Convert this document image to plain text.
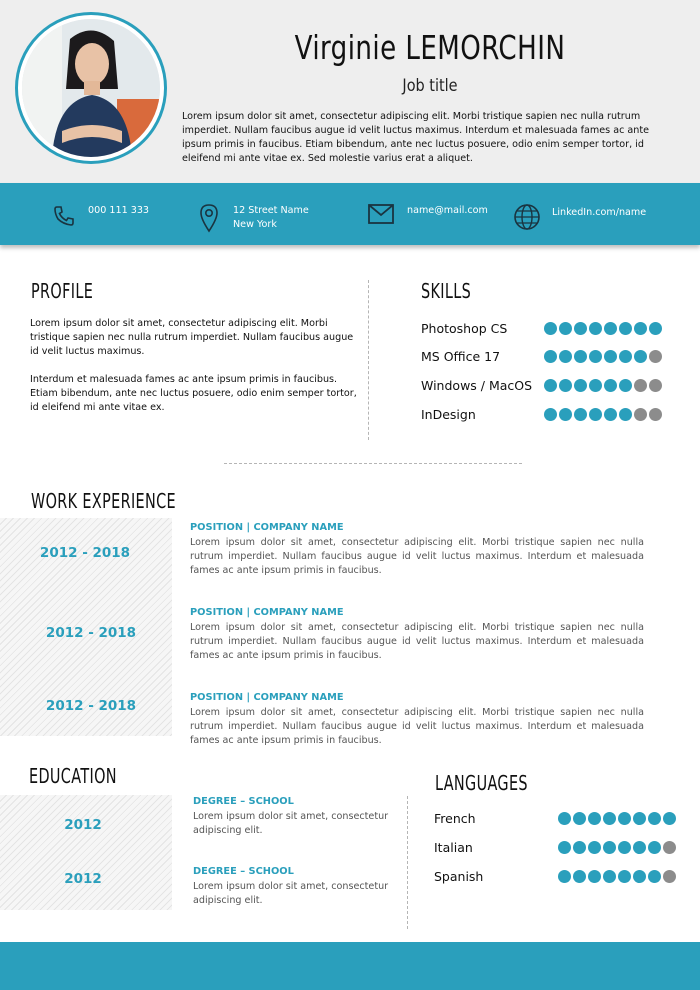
Virginie LEMORCHIN
Job title
Lorem ipsum dolor sit amet, consectetur adipiscing elit. Morbi tristique sapien nec nulla rutrum imperdiet. Nullam faucibus augue id velit luctus maximus. Interdum et malesuada fames ac ante ipsum primis in faucibus. Etiam bibendum, ante nec luctus posuere, odio enim semper tortor, id eleifend mi ante vitae ex. Sed molestie varius erat a aliquet.
000 111 333	12 Street Name
New York
name@mail.com	LinkedIn.com/name
PROFILE
Lorem ipsum dolor sit amet, consectetur adipiscing elit. Morbi tristique sapien nec nulla rutrum imperdiet. Nullam faucibus augue id velit luctus maximus.
Interdum et malesuada fames ac ante ipsum primis in faucibus. Etiam bibendum, ante nec luctus posuere, odio enim semper tortor, id eleifend mi ante vitae ex.
SKILLS
Photoshop CS
MS Office 17
Windows / MacOS
InDesign
WORK EXPERIENCE
2012 - 2018
POSITION | COMPANY NAME
Lorem ipsum dolor sit amet, consectetur adipiscing elit. Morbi tristique sapien nec nulla rutrum imperdiet. Nullam faucibus augue id velit luctus maximus. Interdum et malesuada fames ac ante ipsum primis in faucibus.
2012 - 2018
POSITION | COMPANY NAME
Lorem ipsum dolor sit amet, consectetur adipiscing elit. Morbi tristique sapien nec nulla rutrum imperdiet. Nullam faucibus augue id velit luctus maximus. Interdum et malesuada fames ac ante ipsum primis in faucibus.
2012 - 2018
POSITION | COMPANY NAME
Lorem ipsum dolor sit amet, consectetur adipiscing elit. Morbi tristique sapien nec nulla rutrum imperdiet. Nullam faucibus augue id velit luctus maximus. Interdum et malesuada fames ac ante ipsum primis in faucibus.
EDUCATION
2012
DEGREE – SCHOOL
Lorem ipsum dolor sit amet, consectetur adipiscing elit.
2012	DEGREE – SCHOOL
Lorem ipsum dolor sit amet, consectetur adipiscing elit.
LANGUAGES
French
Italian
Spanish
